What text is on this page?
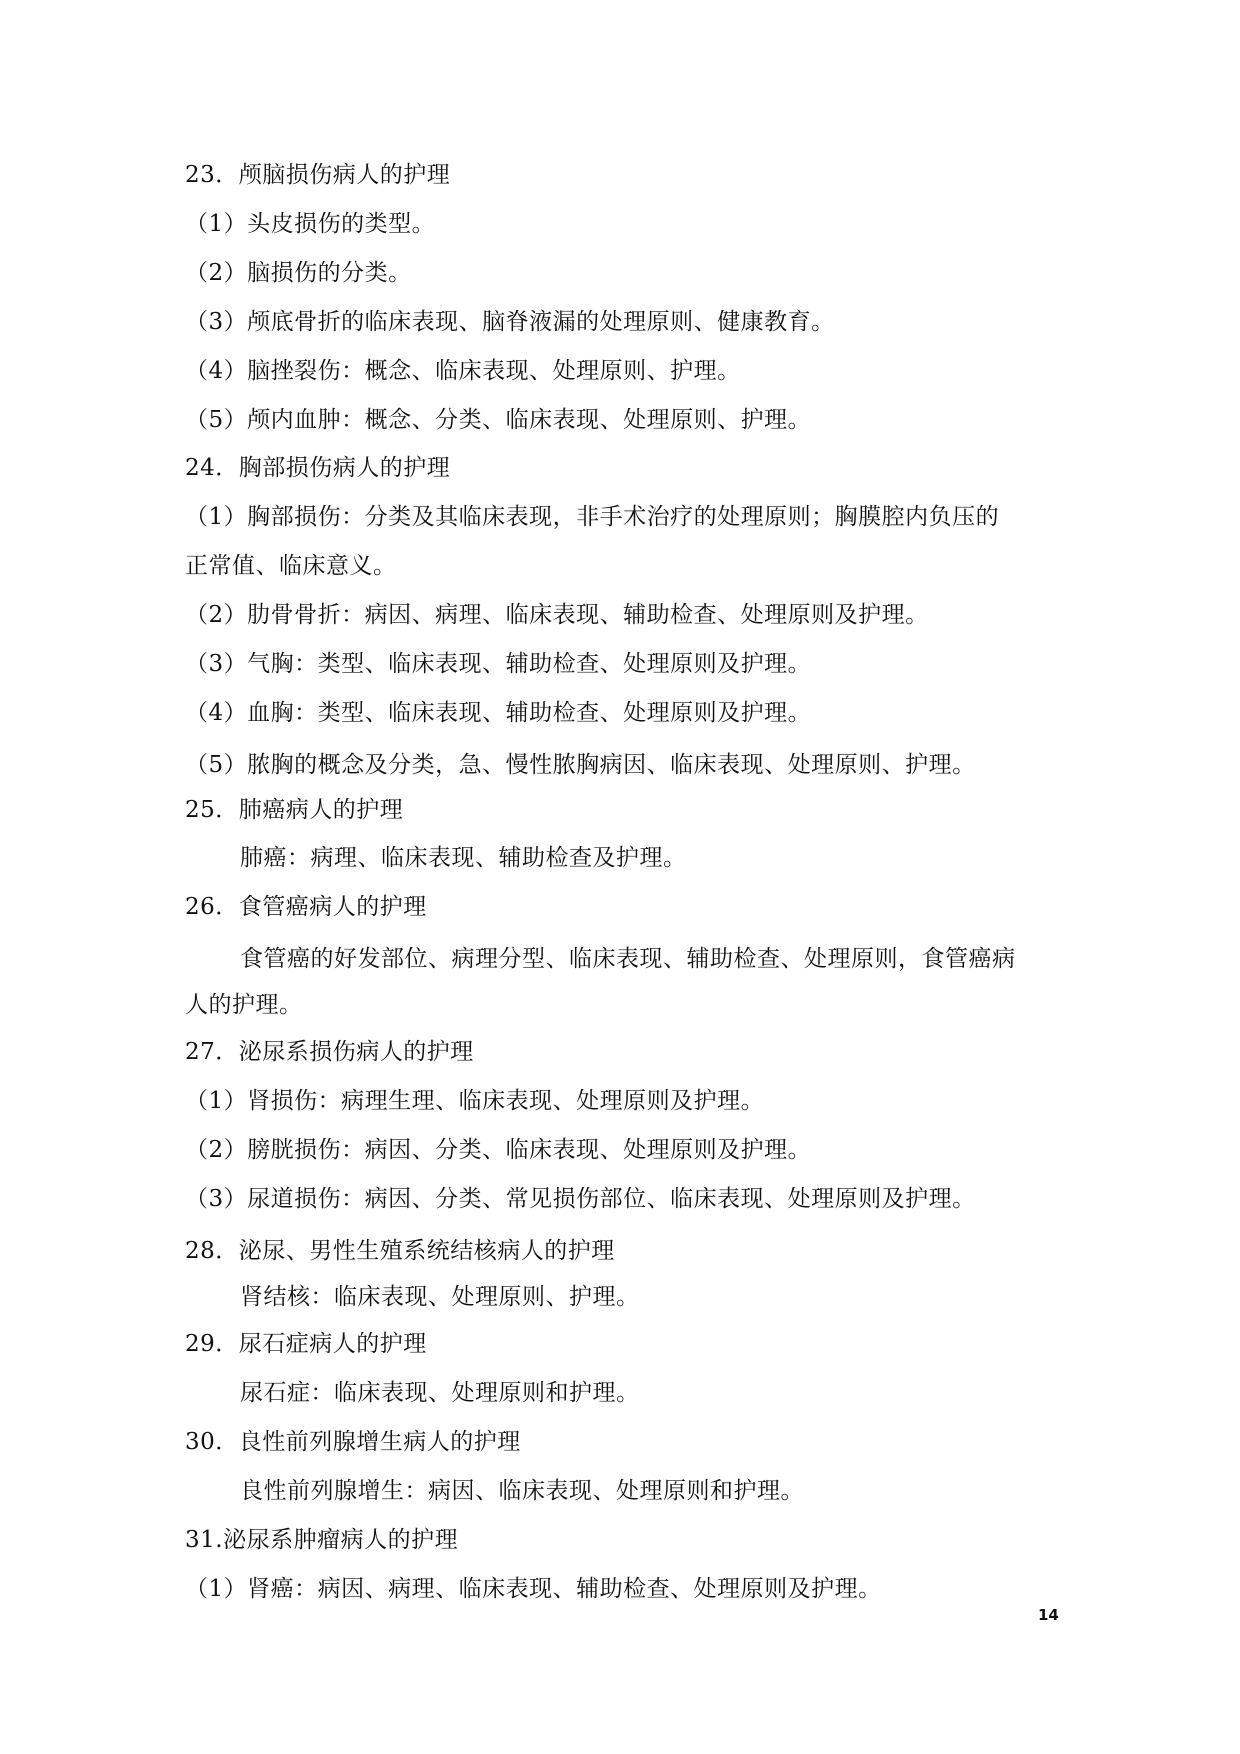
23．颅脑损伤病人的护理
（1）头皮损伤的类型。
（2）脑损伤的分类。
（3）颅底骨折的临床表现、脑脊液漏的处理原则、健康教育。
（4）脑挫裂伤：概念、临床表现、处理原则、护理。
（5）颅内血肿：概念、分类、临床表现、处理原则、护理。
24．胸部损伤病人的护理
（1）胸部损伤：分类及其临床表现，非手术治疗的处理原则；胸膜腔内负压的
正常值、临床意义。
（2）肋骨骨折：病因、病理、临床表现、辅助检查、处理原则及护理。
（3）气胸：类型、临床表现、辅助检查、处理原则及护理。
（4）血胸：类型、临床表现、辅助检查、处理原则及护理。
（5）脓胸的概念及分类，急、慢性脓胸病因、临床表现、处理原则、护理。
25．肺癌病人的护理
肺癌：病理、临床表现、辅助检查及护理。
26．食管癌病人的护理
食管癌的好发部位、病理分型、临床表现、辅助检查、处理原则，食管癌病
人的护理。
27．泌尿系损伤病人的护理
（1）肾损伤：病理生理、临床表现、处理原则及护理。
（2）膀胱损伤：病因、分类、临床表现、处理原则及护理。
（3）尿道损伤：病因、分类、常见损伤部位、临床表现、处理原则及护理。
28．泌尿、男性生殖系统结核病人的护理
肾结核：临床表现、处理原则、护理。
29．尿石症病人的护理
尿石症：临床表现、处理原则和护理。
30．良性前列腺增生病人的护理
良性前列腺增生：病因、临床表现、处理原则和护理。
31.泌尿系肿瘤病人的护理
（1）肾癌：病因、病理、临床表现、辅助检查、处理原则及护理。
14
